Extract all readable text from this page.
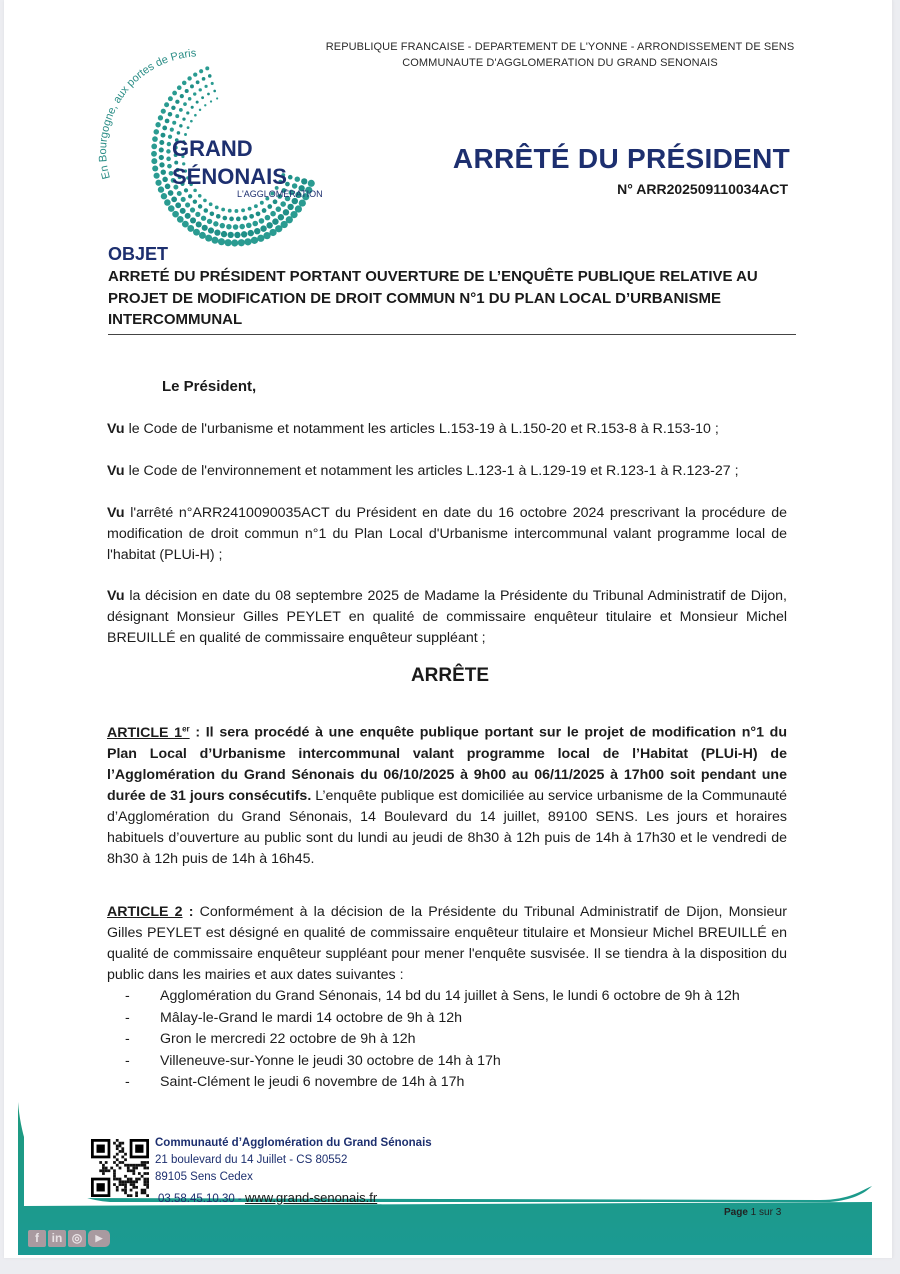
REPUBLIQUE FRANCAISE - DEPARTEMENT DE L'YONNE - ARRONDISSEMENT DE SENS
COMMUNAUTE D'AGGLOMERATION DU GRAND SENONAIS
En Bourgogne, aux portes de Paris
GRAND
SÉNONAIS
L'AGGLOMÉRATION
ARRÊTÉ DU PRÉSIDENT
N° ARR202509110034ACT
OBJET
ARRETÉ DU PRÉSIDENT PORTANT OUVERTURE DE L’ENQUÊTE PUBLIQUE RELATIVE AU PROJET DE MODIFICATION DE DROIT COMMUN N°1 DU PLAN LOCAL D’URBANISME INTERCOMMUNAL
Le Président,
Vu le Code de l'urbanisme et notamment les articles L.153-19 à L.150-20 et R.153-8 à R.153-10 ;
Vu le Code de l'environnement et notamment les articles L.123-1 à L.129-19 et R.123-1 à R.123-27 ;
Vu l'arrêté n°ARR2410090035ACT du Président en date du 16 octobre 2024 prescrivant la procédure de modification de droit commun n°1 du Plan Local d'Urbanisme intercommunal valant programme local de l'habitat (PLUi-H) ;
Vu la décision en date du 08 septembre 2025 de Madame la Présidente du Tribunal Administratif de Dijon, désignant Monsieur Gilles PEYLET en qualité de commissaire enquêteur titulaire et Monsieur Michel BREUILLÉ en qualité de commissaire enquêteur suppléant ;
ARRÊTE
ARTICLE 1er : Il sera procédé à une enquête publique portant sur le projet de modification n°1 du Plan Local d’Urbanisme intercommunal valant programme local de l’Habitat (PLUi-H) de l’Agglomération du Grand Sénonais du 06/10/2025 à 9h00 au 06/11/2025 à 17h00 soit pendant une durée de 31 jours consécutifs. L’enquête publique est domiciliée au service urbanisme de la Communauté d’Agglomération du Grand Sénonais, 14 Boulevard du 14 juillet, 89100 SENS. Les jours et horaires habituels d’ouverture au public sont du lundi au jeudi de 8h30 à 12h puis de 14h à 17h30 et le vendredi de 8h30 à 12h puis de 14h à 16h45.
ARTICLE 2 : Conformément à la décision de la Présidente du Tribunal Administratif de Dijon, Monsieur Gilles PEYLET est désigné en qualité de commissaire enquêteur titulaire et Monsieur Michel BREUILLÉ en qualité de commissaire enquêteur suppléant pour mener l'enquête susvisée. Il se tiendra à la disposition du public dans les mairies et aux dates suivantes :
- Agglomération du Grand Sénonais, 14 bd du 14 juillet à Sens, le lundi 6 octobre de 9h à 12h
- Mâlay-le-Grand le mardi 14 octobre de 9h à 12h
- Gron le mercredi 22 octobre de 9h à 12h
- Villeneuve-sur-Yonne le jeudi 30 octobre de 14h à 17h
- Saint-Clément le jeudi 6 novembre de 14h à 17h
Communauté d’Agglomération du Grand Sénonais
21 boulevard du 14 Juillet - CS 80552
89105 Sens Cedex
03.58.45.10.30 - www.grand-senonais.fr
Page 1 sur 3
f	in ◎	▶
